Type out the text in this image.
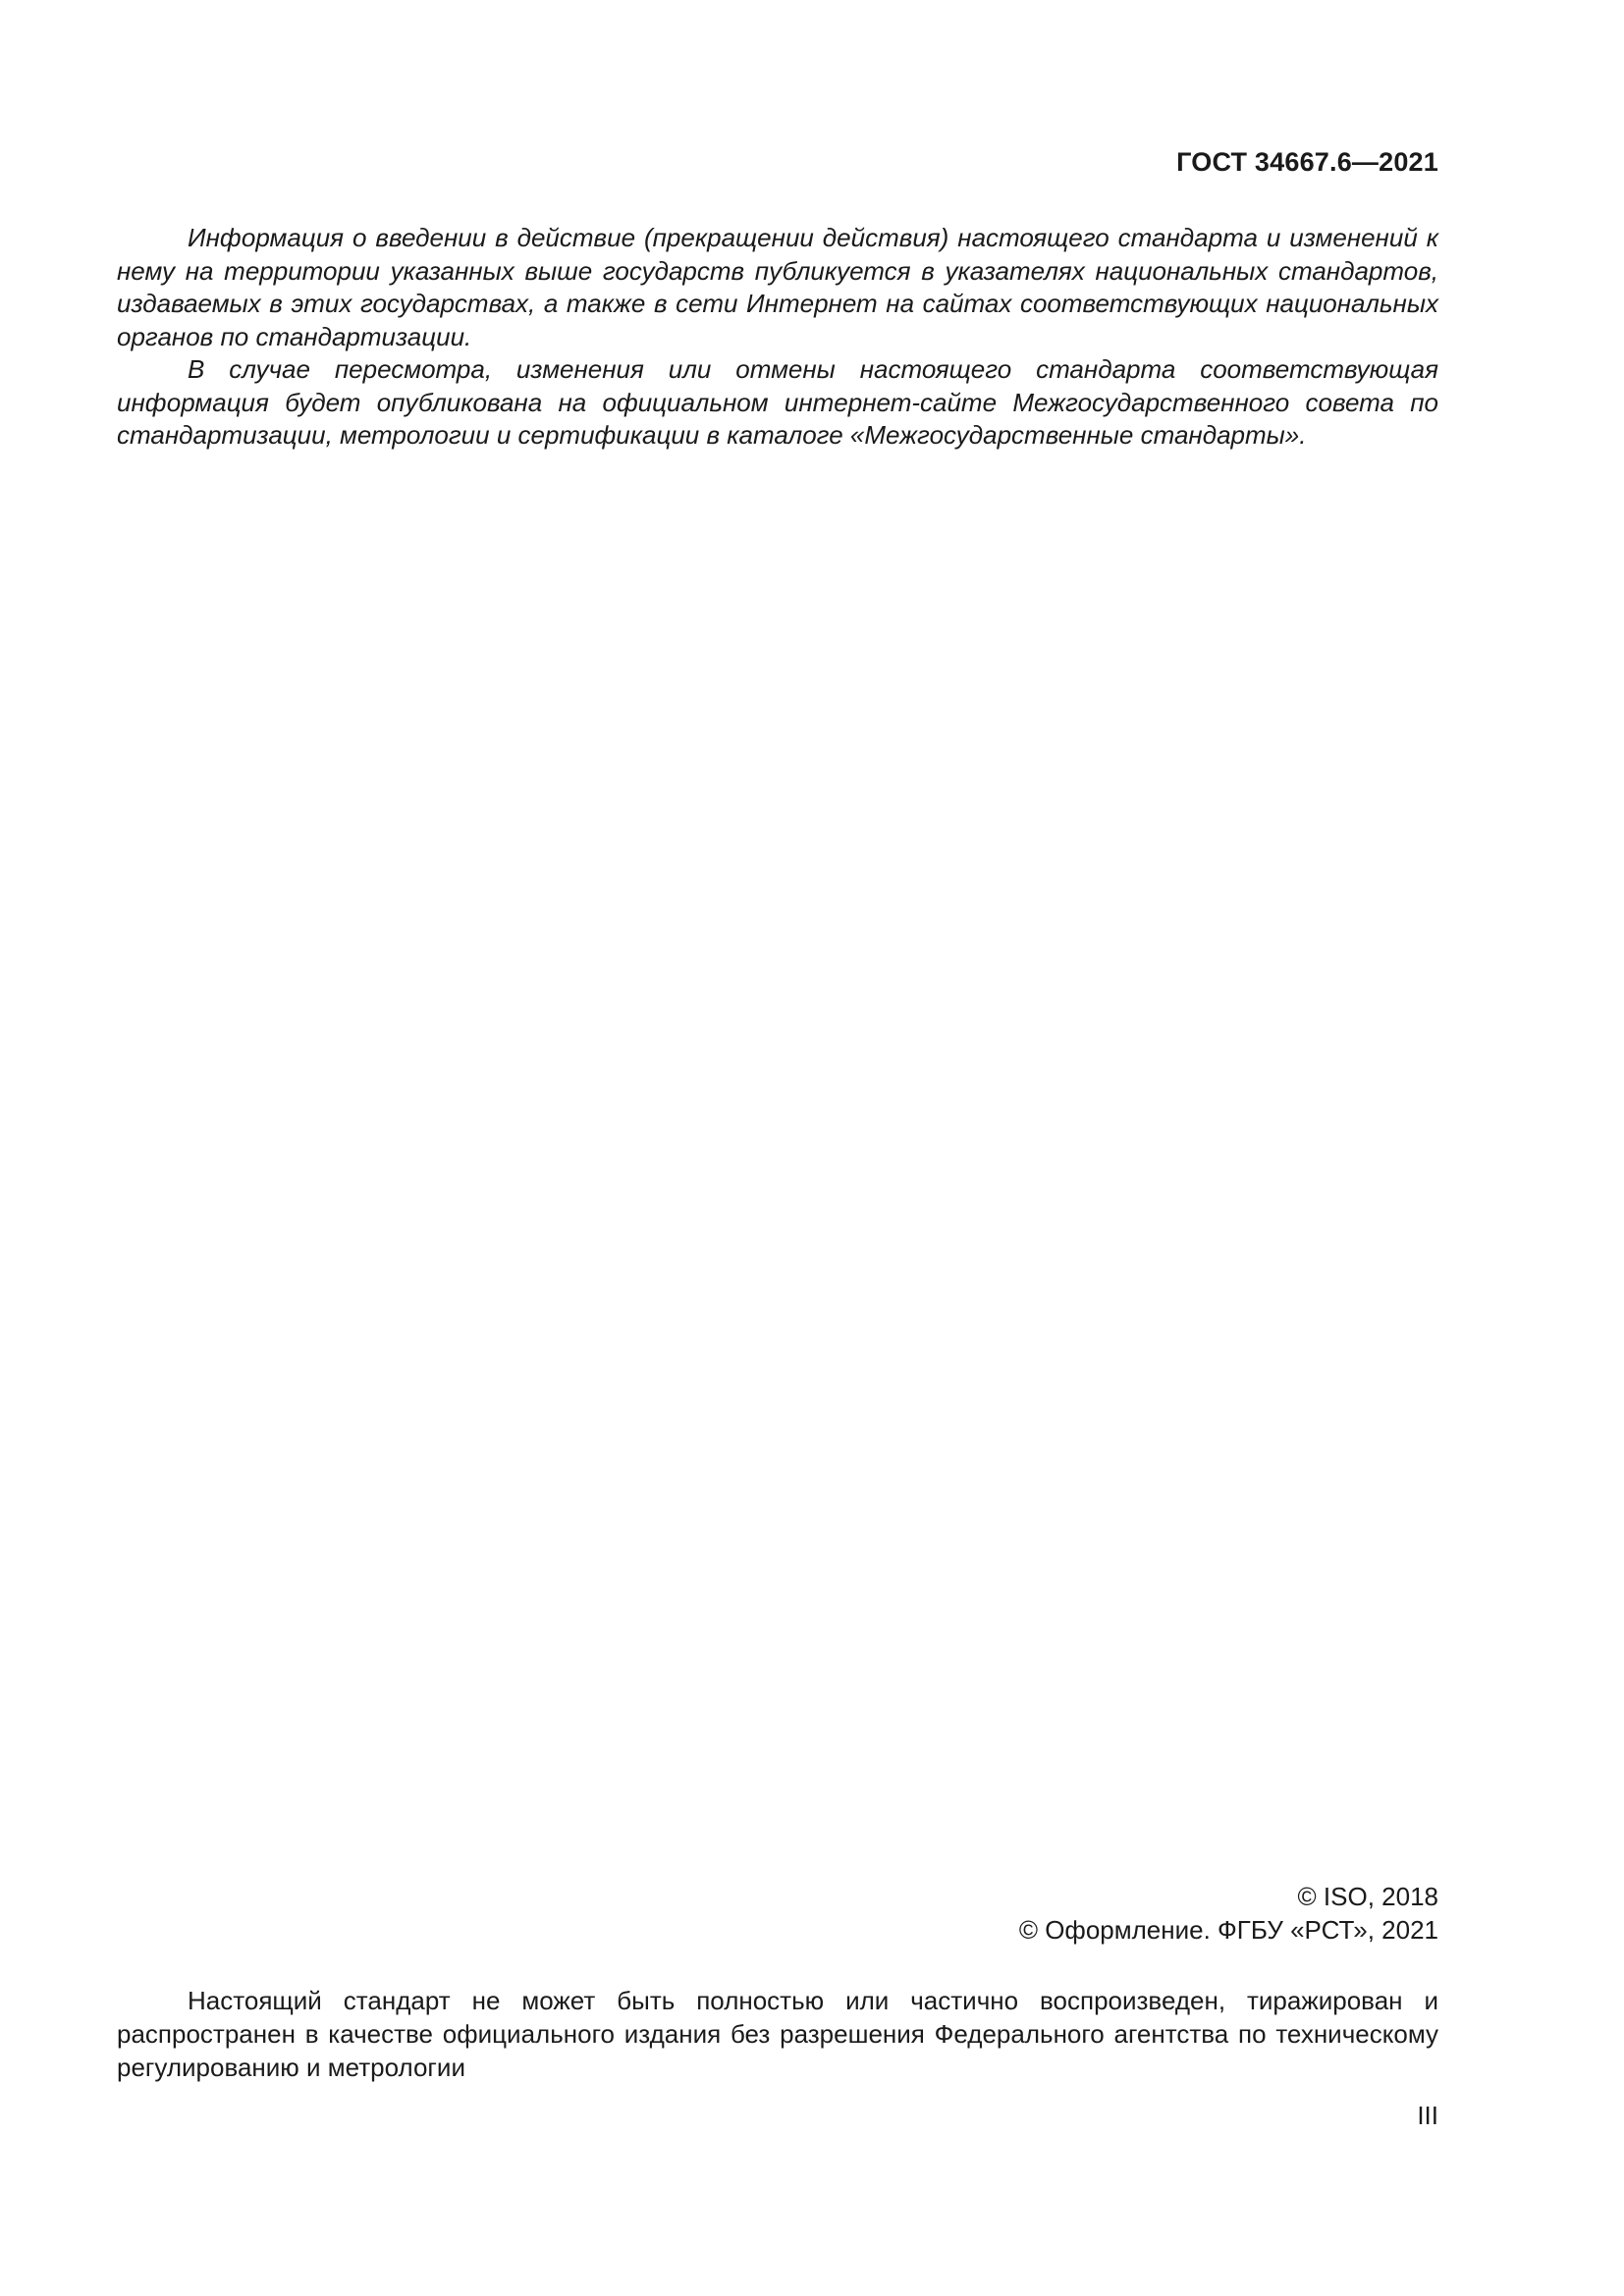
ГОСТ 34667.6—2021

Информация о введении в действие (прекращении действия) настоящего стандарта и изменений к нему на территории указанных выше государств публикуется в указателях национальных стандартов, издаваемых в этих государствах, а также в сети Интернет на сайтах соответствующих национальных органов по стандартизации.

В случае пересмотра, изменения или отмены настоящего стандарта соответствующая информация будет опубликована на официальном интернет-сайте Межгосударственного совета по стандартизации, метрологии и сертификации в каталоге «Межгосударственные стандарты».

© ISO, 2018
© Оформление. ФГБУ «РСТ», 2021

Настоящий стандарт не может быть полностью или частично воспроизведен, тиражирован и распространен в качестве официального издания без разрешения Федерального агентства по техническому регулированию и метрологии

III
